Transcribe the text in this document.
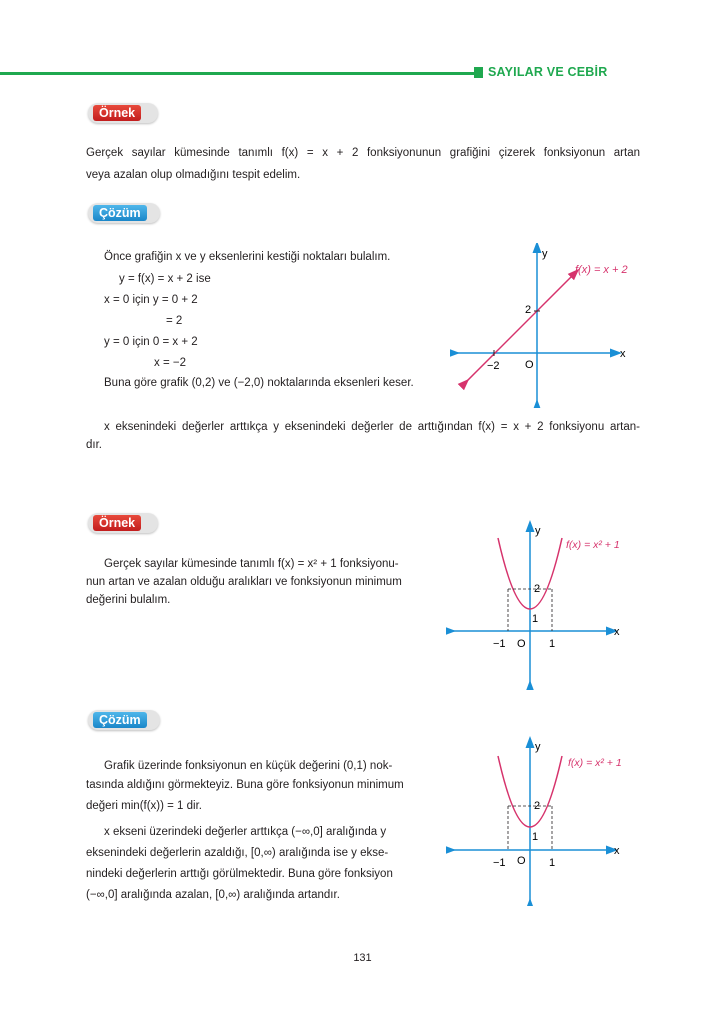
SAYILAR VE CEBİR
Örnek
Gerçek sayılar kümesinde tanımlı f(x) = x + 2 fonksiyonunun grafiğini çizerek fonksiyonun artan
veya azalan olup olmadığını tespit edelim.
Çözüm
Önce grafiğin x ve y eksenlerini kestiği noktaları bulalım.
y = f(x) = x + 2 ise
x = 0 için y = 0 + 2
= 2
y = 0 için 0 = x + 2
x = −2
Buna göre grafik (0,2) ve (−2,0) noktalarında eksenleri keser.
y
x
2
−2 O
f(x) = x + 2
x eksenindeki değerler arttıkça y eksenindeki değerler de arttığından f(x) = x + 2 fonksiyonu artan-
dır.
Örnek
Gerçek sayılar kümesinde tanımlı f(x) = x² + 1 fonksiyonu-
nun artan ve azalan olduğu aralıkları ve fonksiyonun minimum
değerini bulalım.
y
x
2
1
−1	1
O
f(x) = x² + 1
Çözüm
Grafik üzerinde fonksiyonun en küçük değerini (0,1) nok-
tasında aldığını görmekteyiz. Buna göre fonksiyonun minimum
değeri min(f(x)) = 1 dir.
x ekseni üzerindeki değerler arttıkça (−∞,0] aralığında y
eksenindeki değerlerin azaldığı, [0,∞) aralığında ise y ekse-
nindeki değerlerin arttığı görülmektedir. Buna göre fonksiyon
(−∞,0] aralığında azalan, [0,∞) aralığında artandır.
y
x
2
1
−1	1
O
f(x) = x² + 1
131
